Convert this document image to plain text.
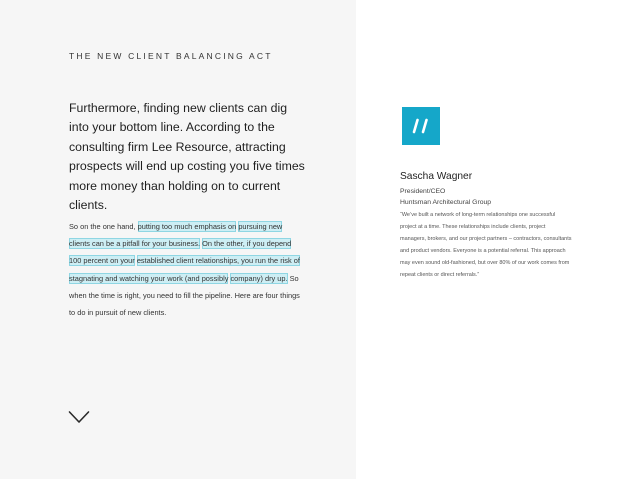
THE NEW CLIENT BALANCING ACT
Furthermore, finding new clients can dig into your bottom line. According to the consulting firm Lee Resource, attracting prospects will end up costing you five times more money than holding on to current clients.
So on the one hand, putting too much emphasis on pursuing new clients can be a pitfall for your business. On the other, if you depend 100 percent on your established client relationships, you run the risk of stagnating and watching your work (and possibly company) dry up. So when the time is right, you need to fill the pipeline. Here are four things to do in pursuit of new clients.
Sascha Wagner
President/CEO
Huntsman Architectural Group
“We’ve built a network of long-term relationships one successful project at a time. These relationships include clients, project managers, brokers, and our project partners – contractors, consultants and product vendors. Everyone is a potential referral. This approach may even sound old-fashioned, but over 80% of our work comes from repeat clients or direct referrals.”
